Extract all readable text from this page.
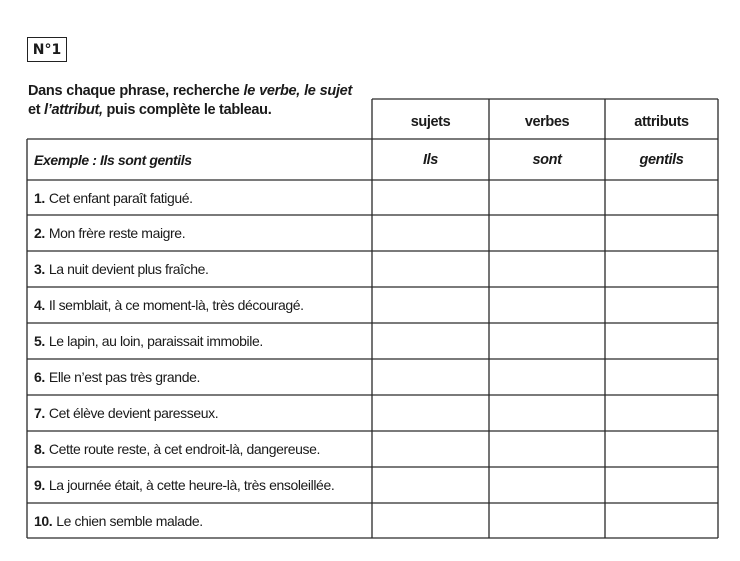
N°1
Dans chaque phrase, recherche le verbe, le sujet et l’attribut, puis complète le tableau.
sujets	verbes	attributs
Exemple : Ils sont gentils	Ils	sont	gentils
1. Cet enfant paraît fatigué.
2. Mon frère reste maigre.
3. La nuit devient plus fraîche.
4. Il semblait, à ce moment-là, très découragé.
5. Le lapin, au loin, paraissait immobile.
6. Elle n’est pas très grande.
7. Cet élève devient paresseux.
8. Cette route reste, à cet endroit-là, dangereuse.
9. La journée était, à cette heure-là, très ensoleillée.
10. Le chien semble malade.
